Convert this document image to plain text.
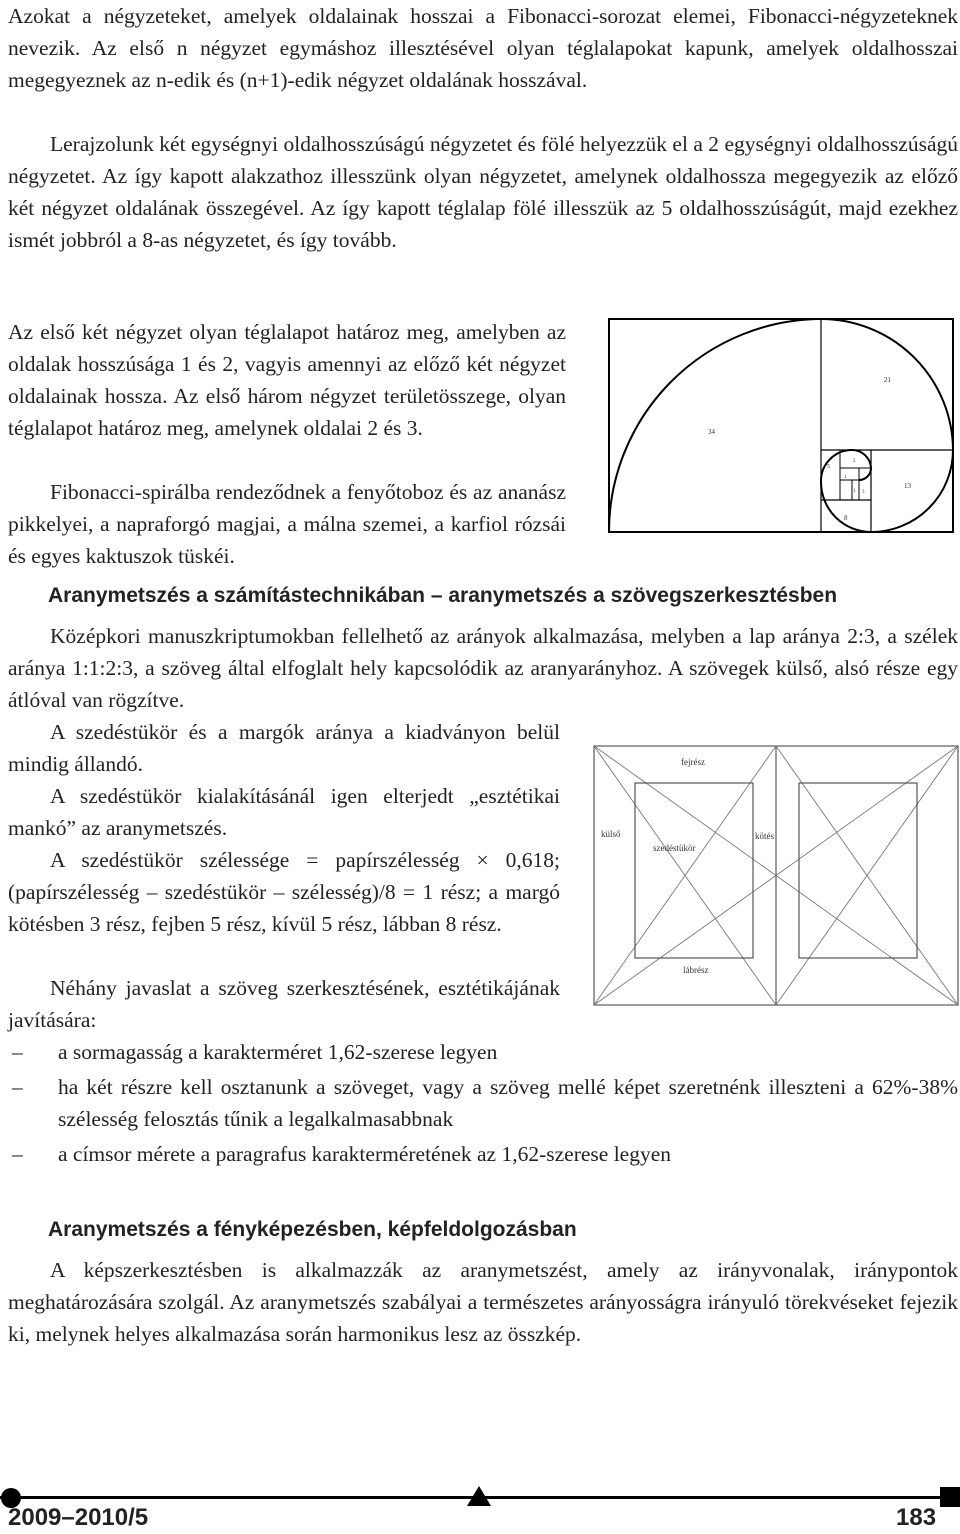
Azokat a négyzeteket, amelyek oldalainak hosszai a Fibonacci-sorozat elemei, Fibonacci-négyzeteknek nevezik. Az első n négyzet egymáshoz illesztésével olyan téglalapokat kapunk, amelyek oldalhosszai megegyeznek az n-edik és (n+1)-edik négyzet oldalának hosszával.

Lerajzolunk két egységnyi oldalhosszúságú négyzetet és fölé helyezzük el a 2 egységnyi oldalhosszúságú négyzetet. Az így kapott alakzathoz illesszünk olyan négyzetet, amelynek oldalhossza megegyezik az előző két négyzet oldalának összegével. Az így kapott téglalap fölé illesszük az 5 oldalhosszúságút, majd ezekhez ismét jobbról a 8-as négyzetet, és így tovább.

Az első két négyzet olyan téglalapot határoz meg, amelyben az oldalak hosszúsága 1 és 2, vagyis amennyi az előző két négyzet oldalainak hossza. Az első három négyzet területösszege, olyan téglalapot határoz meg, amelynek oldalai 2 és 3.

Fibonacci-spirálba rendeződnek a fenyőtoboz és az ananász pikkelyei, a napraforgó magjai, a málna szemei, a karfiol rózsái és egyes kaktuszok tüskéi.

34
21
13
8
5
3
2
1
1
Aranymetszés a számítástechnikában – aranymetszés a szövegszerkesztésben

Középkori manuszkriptumokban fellelhető az arányok alkalmazása, melyben a lap aránya 2:3, a szélek aránya 1:1:2:3, a szöveg által elfoglalt hely kapcsolódik az aranyarányhoz. A szövegek külső, alsó része egy átlóval van rögzítve.

A szedéstükör és a margók aránya a kiadványon belül mindig állandó.

A szedéstükör kialakításánál igen elterjedt „esztétikai mankó” az aranymetszés.

A szedéstükör szélessége = papírszélesség × 0,618; (papírszélesség – szedéstükör – szélesség)/8 = 1 rész; a margó kötésben 3 rész, fejben 5 rész, kívül 5 rész, lábban 8 rész.

Néhány javaslat a szöveg szerkesztésének, esztétikájának javítására:

fejrész
külső
szedéstükör
kötés
lábrész
– a sormagasság a karakterméret 1,62-szerese legyen
– ha két részre kell osztanunk a szöveget, vagy a szöveg mellé képet szeretnénk illeszteni a 62%-38% szélesség felosztás tűnik a legalkalmasabbnak
– a címsor mérete a paragrafus karakterméretének az 1,62-szerese legyen
Aranymetszés a fényképezésben, képfeldolgozásban

A képszerkesztésben is alkalmazzák az aranymetszést, amely az irányvonalak, iránypontok meghatározására szolgál. Az aranymetszés szabályai a természetes arányosságra irányuló törekvéseket fejezik ki, melynek helyes alkalmazása során harmonikus lesz az összkép.

2009–2010/5	183
